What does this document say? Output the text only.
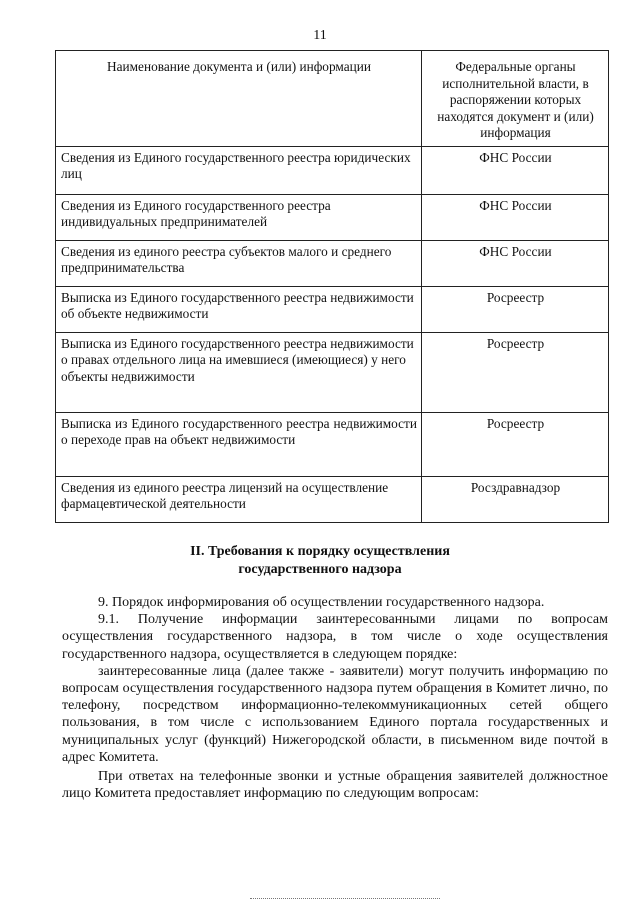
11
Наименование документа и (или) информации	Федеральные органы исполнительной власти, в распоряжении которых находятся документ и (или) информация
Сведения из Единого государственного реестра юридических лиц	ФНС России
Сведения из Единого государственного реестра индивидуальных предпринимателей	ФНС России
Сведения из единого реестра субъектов малого и среднего предпринимательства	ФНС России
Выписка из Единого государственного реестра недвижимости об объекте недвижимости	Росреестр
Выписка из Единого государственного реестра недвижимости о правах отдельного лица на имевшиеся (имеющиеся) у него объекты недвижимости	Росреестр
Выписка из Единого государственного реестра недвижимости о переходе прав на объект недвижимости	Росреестр
Сведения из единого реестра лицензий на осуществление фармацевтической деятельности	Росздравнадзор
II. Требования к порядку осуществления
государственного надзора

9. Порядок информирования об осуществлении государственного надзора.

9.1. Получение информации заинтересованными лицами по вопросам осуществления государственного надзора, в том числе о ходе осуществления государственного надзора, осуществляется в следующем порядке:

заинтересованные лица (далее также - заявители) могут получить информацию по вопросам осуществления государственного надзора путем обращения в Комитет лично, по телефону, посредством информационно-телекоммуникационных сетей общего пользования, в том числе с использованием Единого портала государственных и муниципальных услуг (функций) Нижегородской области, в письменном виде почтой в адрес Комитета.

При ответах на телефонные звонки и устные обращения заявителей должностное лицо Комитета предоставляет информацию по следующим вопросам:
